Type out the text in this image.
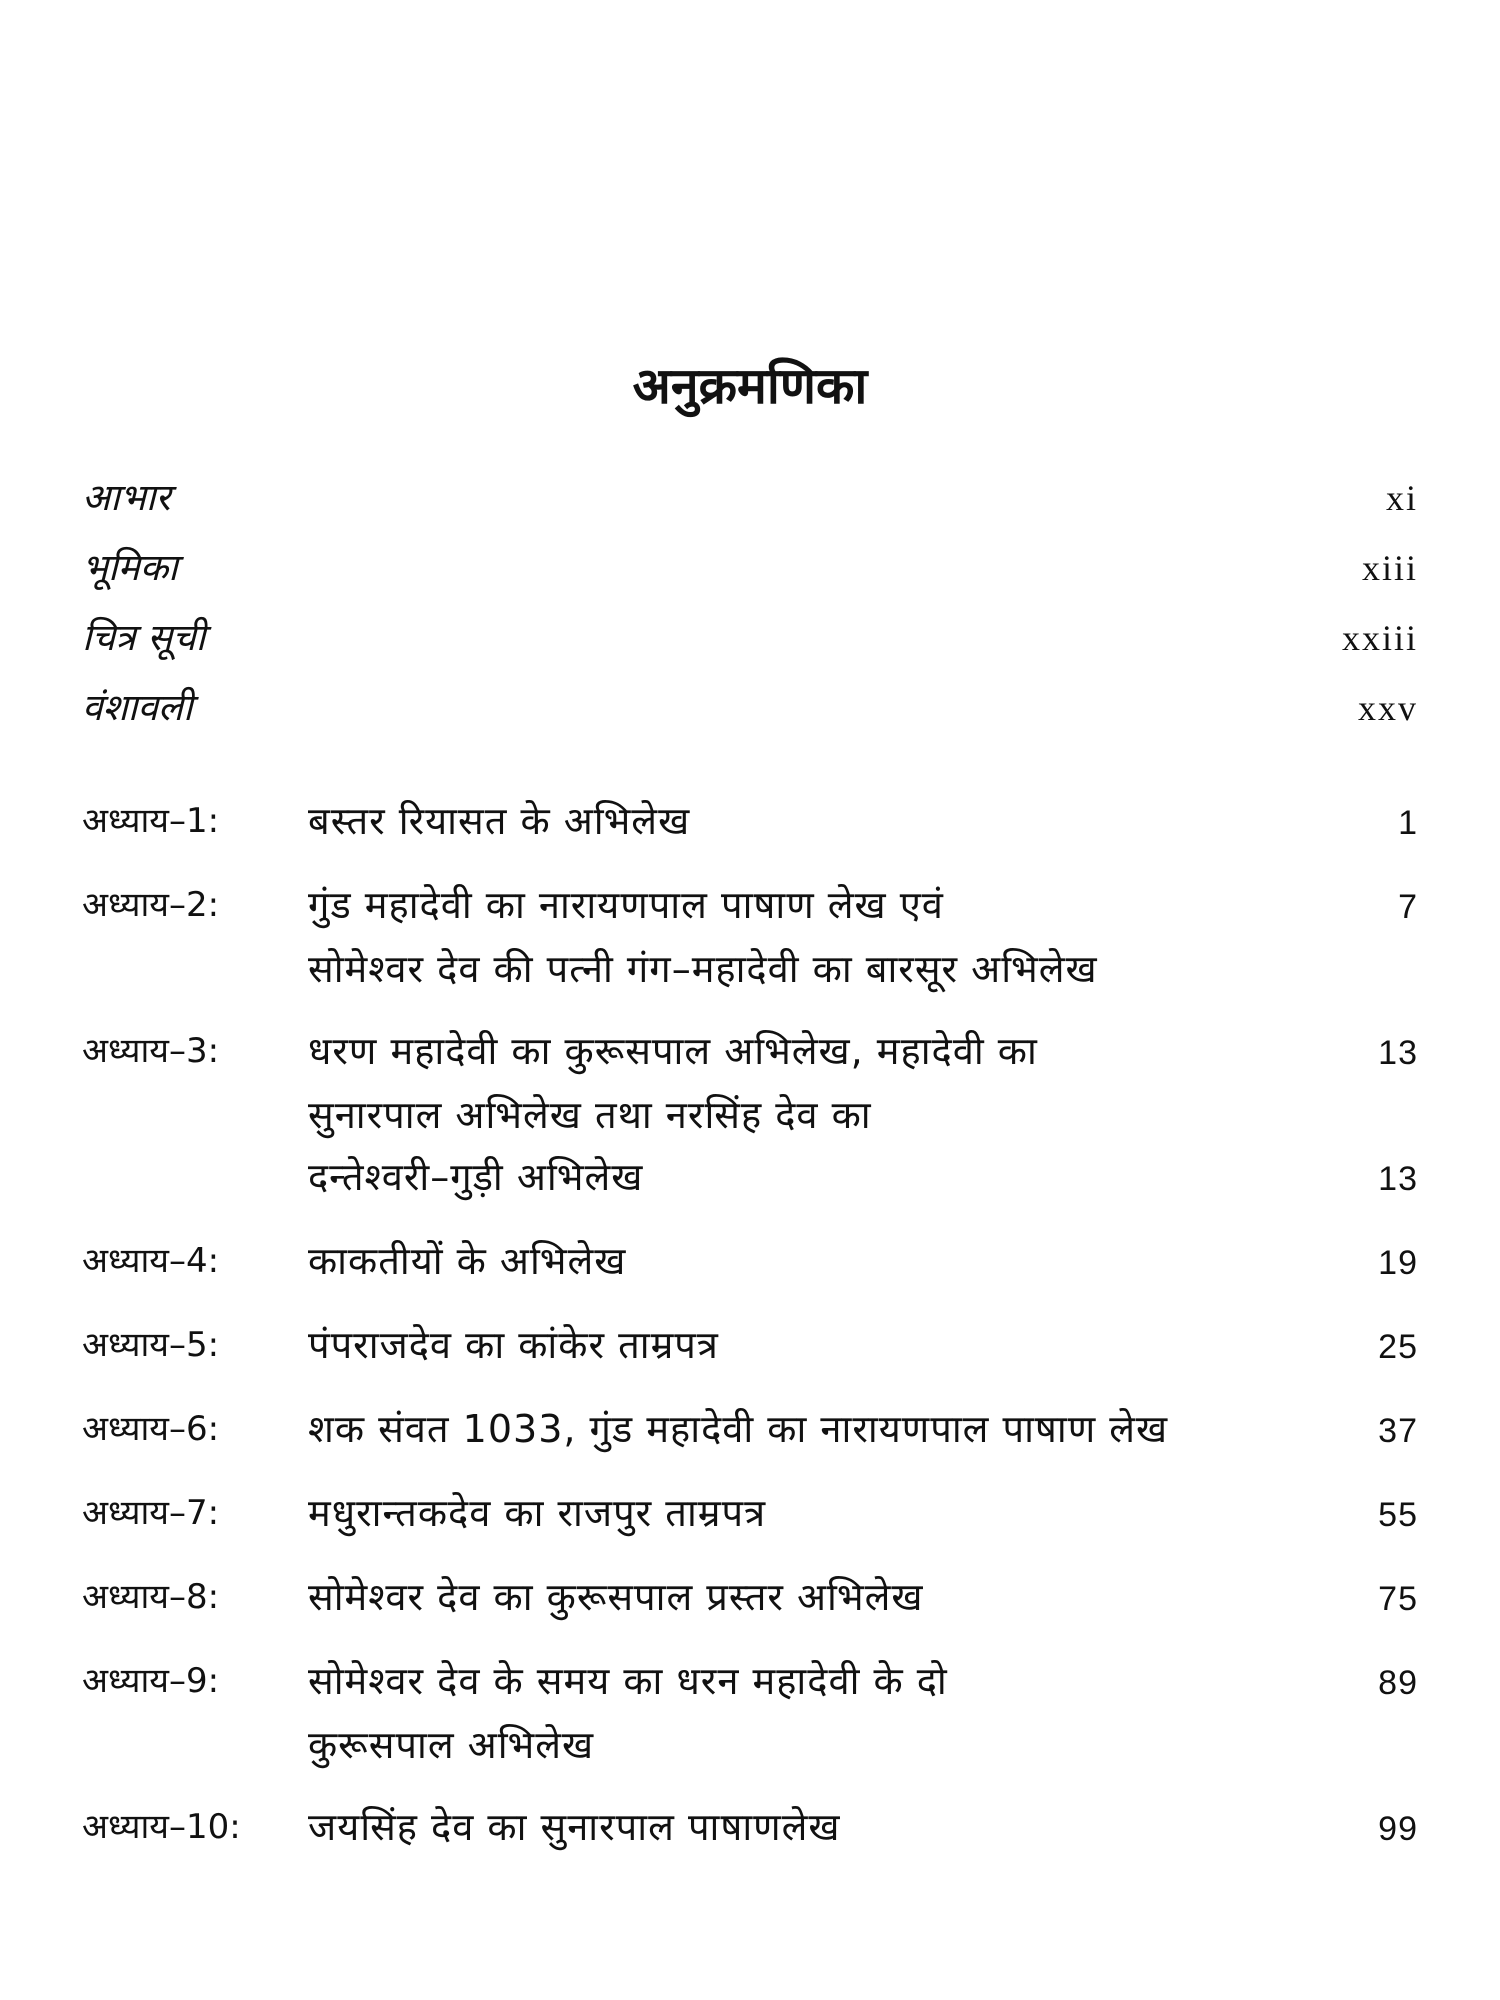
अनुक्रमणिका
आभार	xi
भूमिका	xiii
चित्र सूची	xxiii
वंशावली	xxv
अध्याय–1:	बस्तर रियासत के अभिलेख	1
अध्याय–2:	गुंड महादेवी का नारायणपाल पाषाण लेख एवं	7
सोमेश्वर देव की पत्नी गंग–महादेवी का बारसूर अभिलेख
अध्याय–3:	धरण महादेवी का कुरूसपाल अभिलेख, महादेवी का	13
सुनारपाल अभिलेख तथा नरसिंह देव का
दन्तेश्वरी–गुड़ी अभिलेख	13
अध्याय–4:	काकतीयों के अभिलेख	19
अध्याय–5:	पंपराजदेव का कांकेर ताम्रपत्र	25
अध्याय–6:	शक संवत 1033, गुंड महादेवी का नारायणपाल पाषाण लेख	37
अध्याय–7:	मधुरान्तकदेव का राजपुर ताम्रपत्र	55
अध्याय–8:	सोमेश्वर देव का कुरूसपाल प्रस्तर अभिलेख	75
अध्याय–9:	सोमेश्वर देव के समय का धरन महादेवी के दो	89
कुरूसपाल अभिलेख
अध्याय–10:	जयसिंह देव का सुनारपाल पाषाणलेख	99
